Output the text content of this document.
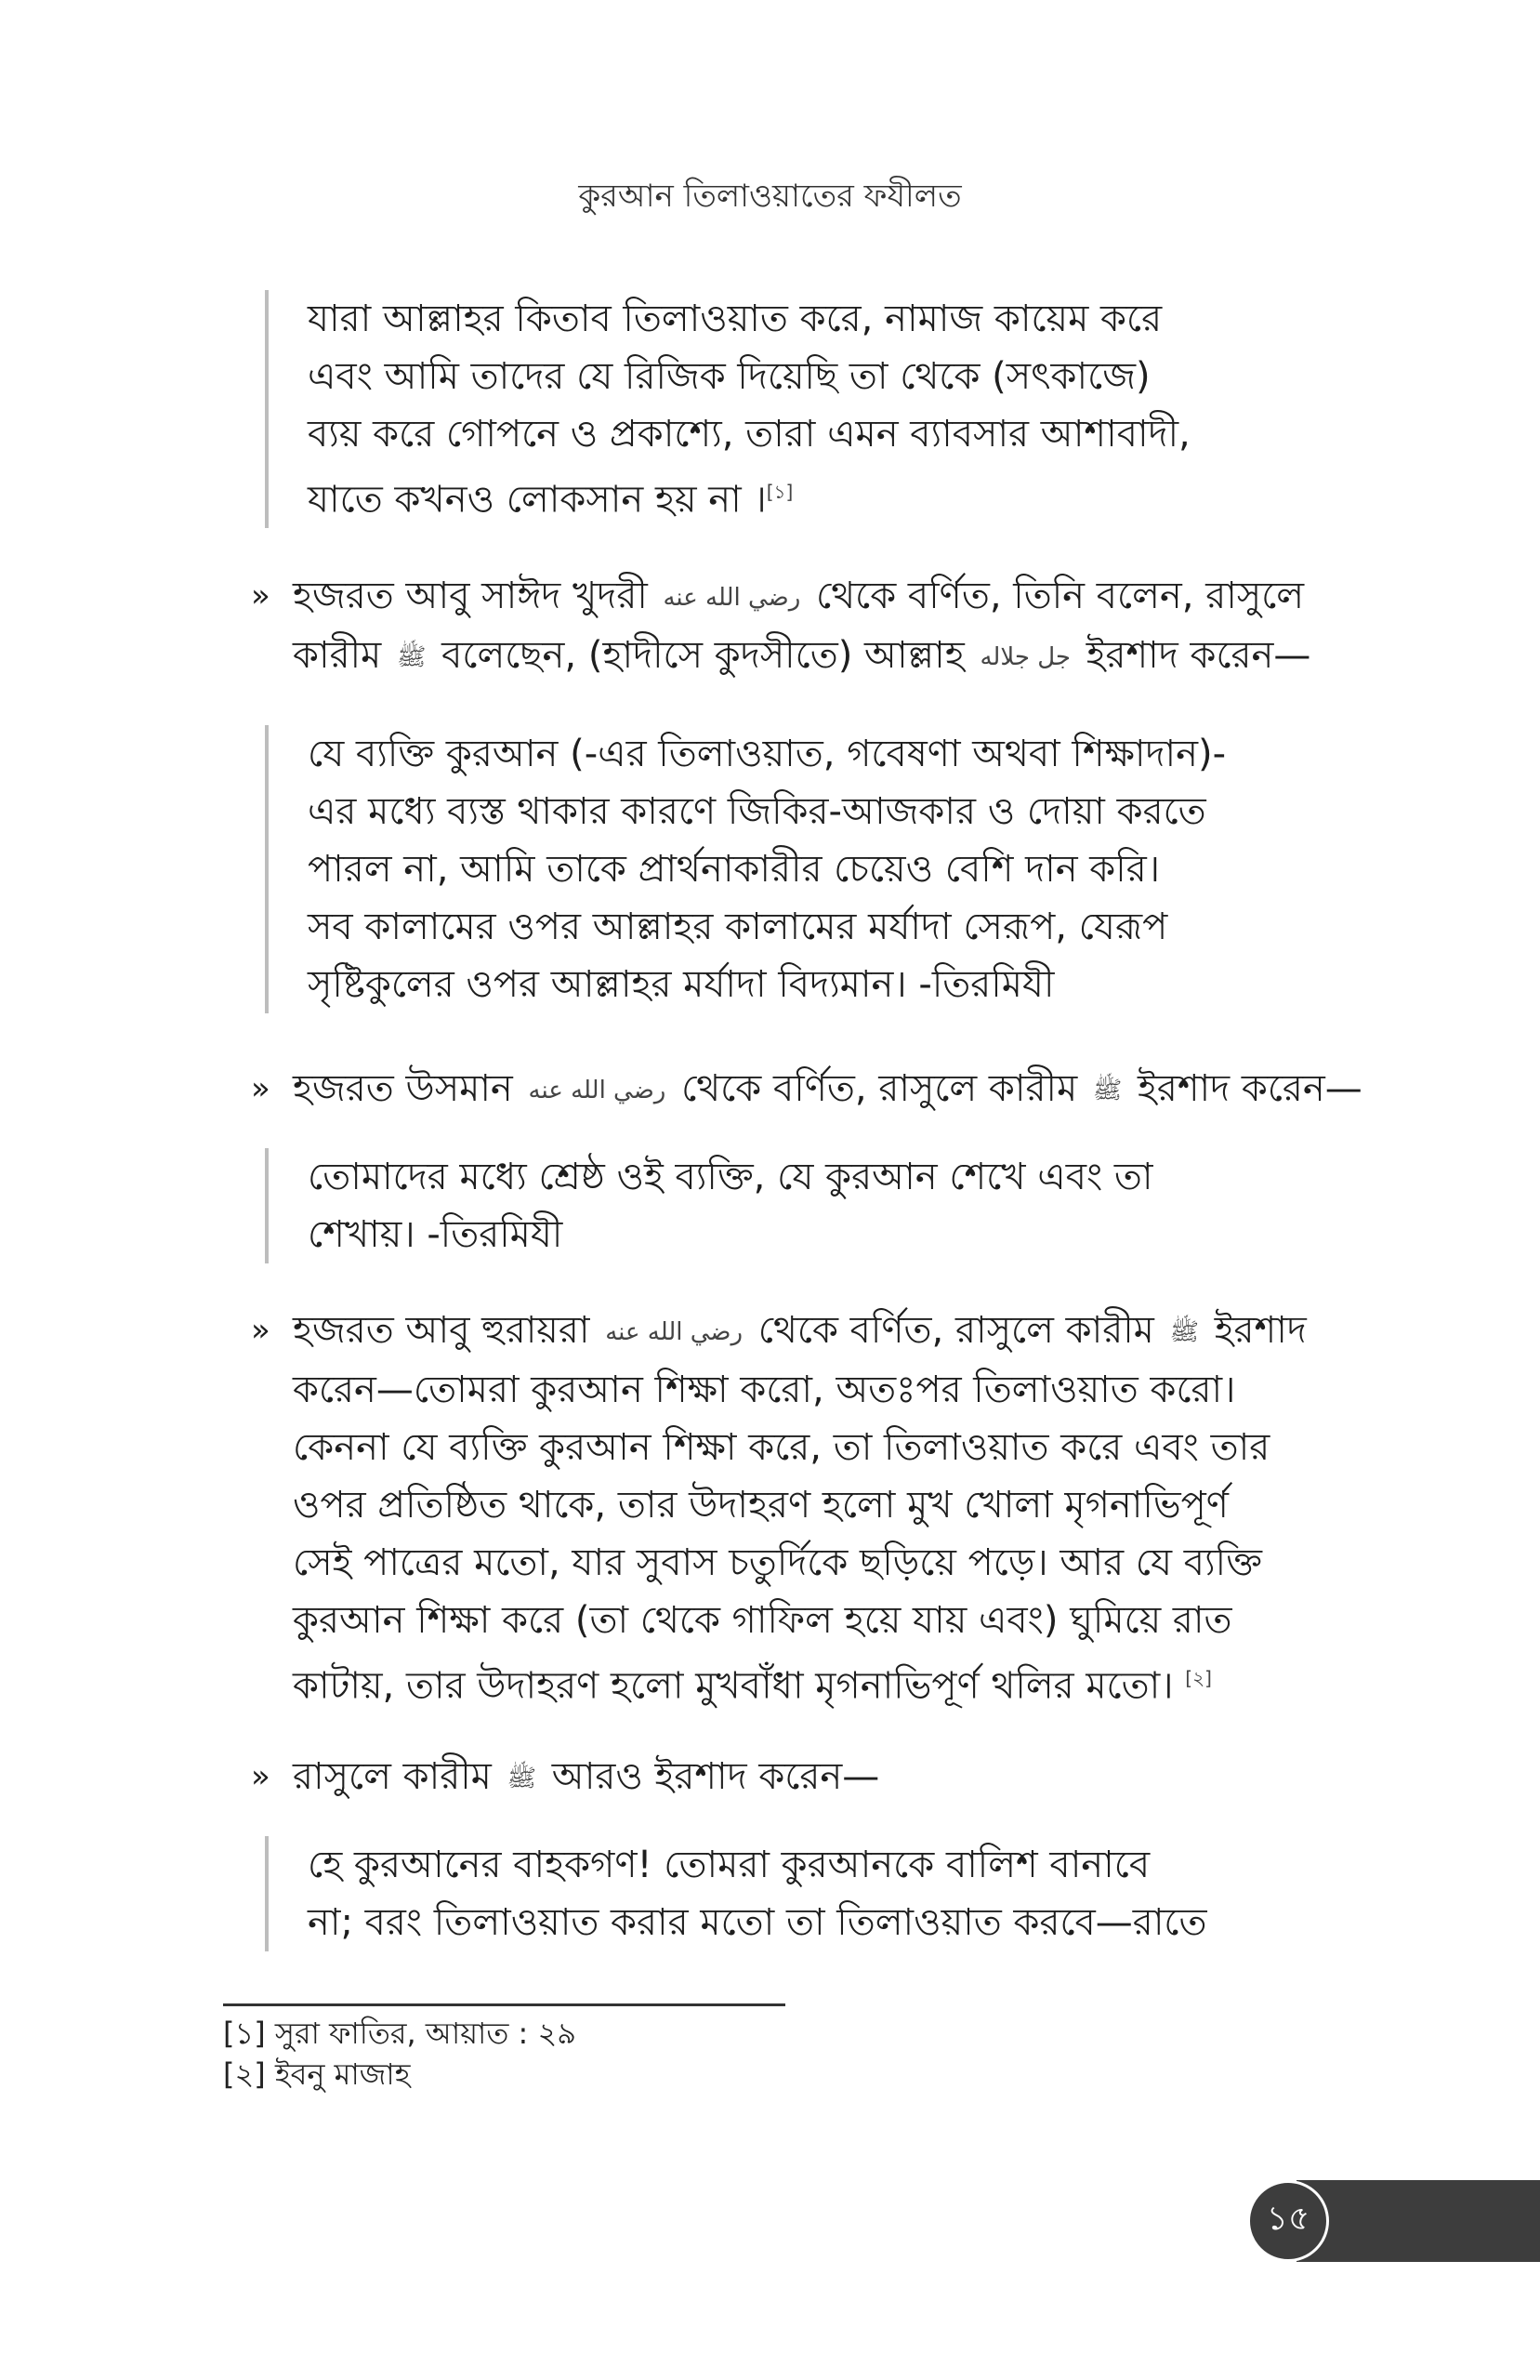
কুরআন তিলাওয়াতের ফযীলত
যারা আল্লাহর কিতাব তিলাওয়াত করে, নামাজ কায়েম করে
এবং আমি তাদের যে রিজিক দিয়েছি তা থেকে (সৎকাজে)
ব্যয় করে গোপনে ও প্রকাশ্যে, তারা এমন ব্যাবসার আশাবাদী,
যাতে কখনও লোকসান হয় না ।[১]
» হজরত আবু সাঈদ খুদরী رضي الله عنه থেকে বর্ণিত, তিনি বলেন, রাসুলে
কারীম ﷺ বলেছেন, (হাদীসে কুদসীতে) আল্লাহ جل جلاله ইরশাদ করেন—
যে ব্যক্তি কুরআন (-এর তিলাওয়াত, গবেষণা অথবা শিক্ষাদান)-
এর মধ্যে ব্যস্ত থাকার কারণে জিকির-আজকার ও দোয়া করতে
পারল না, আমি তাকে প্রার্থনাকারীর চেয়েও বেশি দান করি।
সব কালামের ওপর আল্লাহর কালামের মর্যাদা সেরূপ, যেরূপ
সৃষ্টিকুলের ওপর আল্লাহর মর্যাদা বিদ্যমান। -তিরমিযী
» হজরত উসমান رضي الله عنه থেকে বর্ণিত, রাসুলে কারীম ﷺ ইরশাদ করেন—
তোমাদের মধ্যে শ্রেষ্ঠ ওই ব্যক্তি, যে কুরআন শেখে এবং তা
শেখায়। -তিরমিযী
» হজরত আবু হুরায়রা رضي الله عنه থেকে বর্ণিত, রাসুলে কারীম ﷺ ইরশাদ
করেন—তোমরা কুরআন শিক্ষা করো, অতঃপর তিলাওয়াত করো।
কেননা যে ব্যক্তি কুরআন শিক্ষা করে, তা তিলাওয়াত করে এবং তার
ওপর প্রতিষ্ঠিত থাকে, তার উদাহরণ হলো মুখ খোলা মৃগনাভিপূর্ণ
সেই পাত্রের মতো, যার সুবাস চতুর্দিকে ছড়িয়ে পড়ে। আর যে ব্যক্তি
কুরআন শিক্ষা করে (তা থেকে গাফিল হয়ে যায় এবং) ঘুমিয়ে রাত
কাটায়, তার উদাহরণ হলো মুখবাঁধা মৃগনাভিপূর্ণ থলির মতো। [২]
» রাসুলে কারীম ﷺ আরও ইরশাদ করেন—
হে কুরআনের বাহকগণ! তোমরা কুরআনকে বালিশ বানাবে
না; বরং তিলাওয়াত করার মতো তা তিলাওয়াত করবে—রাতে
[১] সুরা ফাতির, আয়াত : ২৯
[২] ইবনু মাজাহ
১৫
